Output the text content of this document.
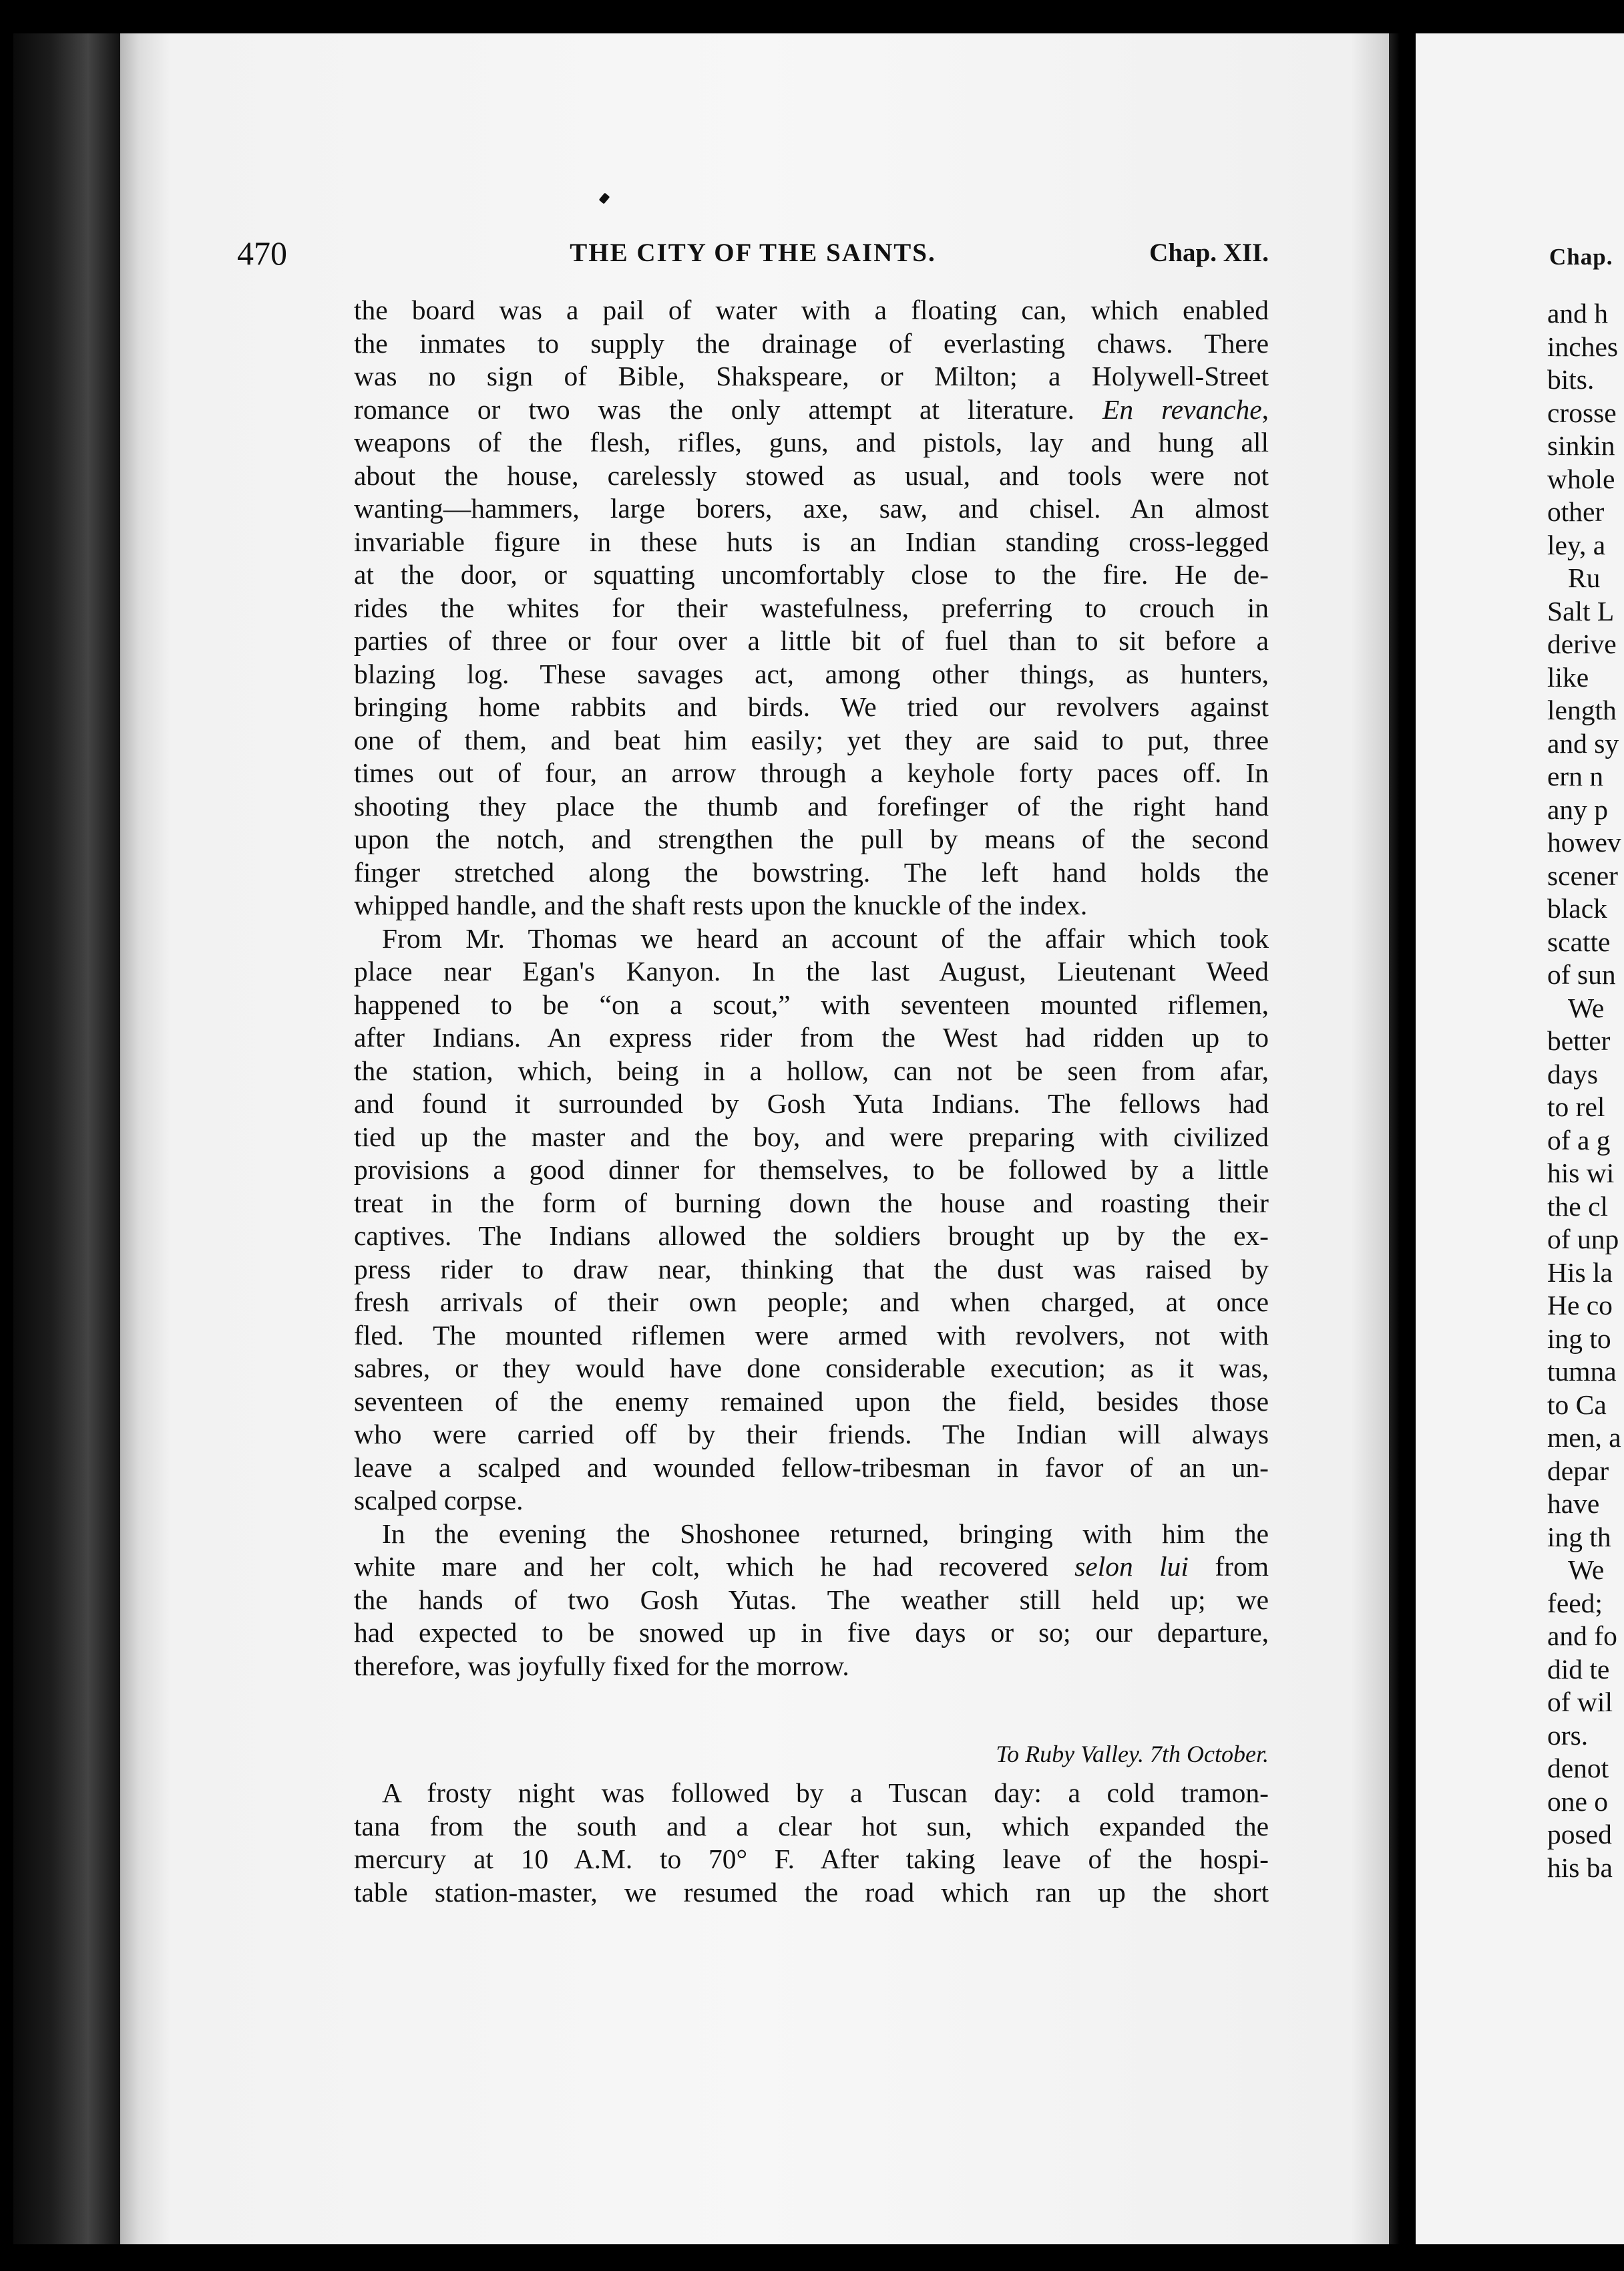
Chap.
and h
inches
bits.
crosse
sinkin
whole
other
ley, a
Ru
Salt L
derive
like
length
and sy
ern n
any p
howev
scener
black
scatte
of sun
We
better
days
to rel
of a g
his wi
the cl
of unp
His la
He co
ing to
tumna
to Ca
men, a
depar
have
ing th
We
feed;
and fo
did te
of wil
ors.
denot
one o
posed
his ba
470	THE CITY OF THE SAINTS.	Chap. XII.
the board was a pail of water with a floating can, which enabled
the inmates to supply the drainage of everlasting chaws. There
was no sign of Bible, Shakspeare, or Milton; a Holywell-Street
romance or two was the only attempt at literature. En revanche,
weapons of the flesh, rifles, guns, and pistols, lay and hung all
about the house, carelessly stowed as usual, and tools were not
wanting—hammers, large borers, axe, saw, and chisel. An almost
invariable figure in these huts is an Indian standing cross-legged
at the door, or squatting uncomfortably close to the fire. He de-
rides the whites for their wastefulness, preferring to crouch in
parties of three or four over a little bit of fuel than to sit before a
blazing log. These savages act, among other things, as hunters,
bringing home rabbits and birds. We tried our revolvers against
one of them, and beat him easily; yet they are said to put, three
times out of four, an arrow through a keyhole forty paces off. In
shooting they place the thumb and forefinger of the right hand
upon the notch, and strengthen the pull by means of the second
finger stretched along the bowstring. The left hand holds the
whipped handle, and the shaft rests upon the knuckle of the index.
From Mr. Thomas we heard an account of the affair which took
place near Egan's Kanyon. In the last August, Lieutenant Weed
happened to be “on a scout,” with seventeen mounted riflemen,
after Indians. An express rider from the West had ridden up to
the station, which, being in a hollow, can not be seen from afar,
and found it surrounded by Gosh Yuta Indians. The fellows had
tied up the master and the boy, and were preparing with civilized
provisions a good dinner for themselves, to be followed by a little
treat in the form of burning down the house and roasting their
captives. The Indians allowed the soldiers brought up by the ex-
press rider to draw near, thinking that the dust was raised by
fresh arrivals of their own people; and when charged, at once
fled. The mounted riflemen were armed with revolvers, not with
sabres, or they would have done considerable execution; as it was,
seventeen of the enemy remained upon the field, besides those
who were carried off by their friends. The Indian will always
leave a scalped and wounded fellow-tribesman in favor of an un-
scalped corpse.
In the evening the Shoshonee returned, bringing with him the
white mare and her colt, which he had recovered selon lui from
the hands of two Gosh Yutas. The weather still held up; we
had expected to be snowed up in five days or so; our departure,
therefore, was joyfully fixed for the morrow.
To Ruby Valley. 7th October.
A frosty night was followed by a Tuscan day: a cold tramon-
tana from the south and a clear hot sun, which expanded the
mercury at 10 A.M. to 70° F. After taking leave of the hospi-
table station-master, we resumed the road which ran up the short
